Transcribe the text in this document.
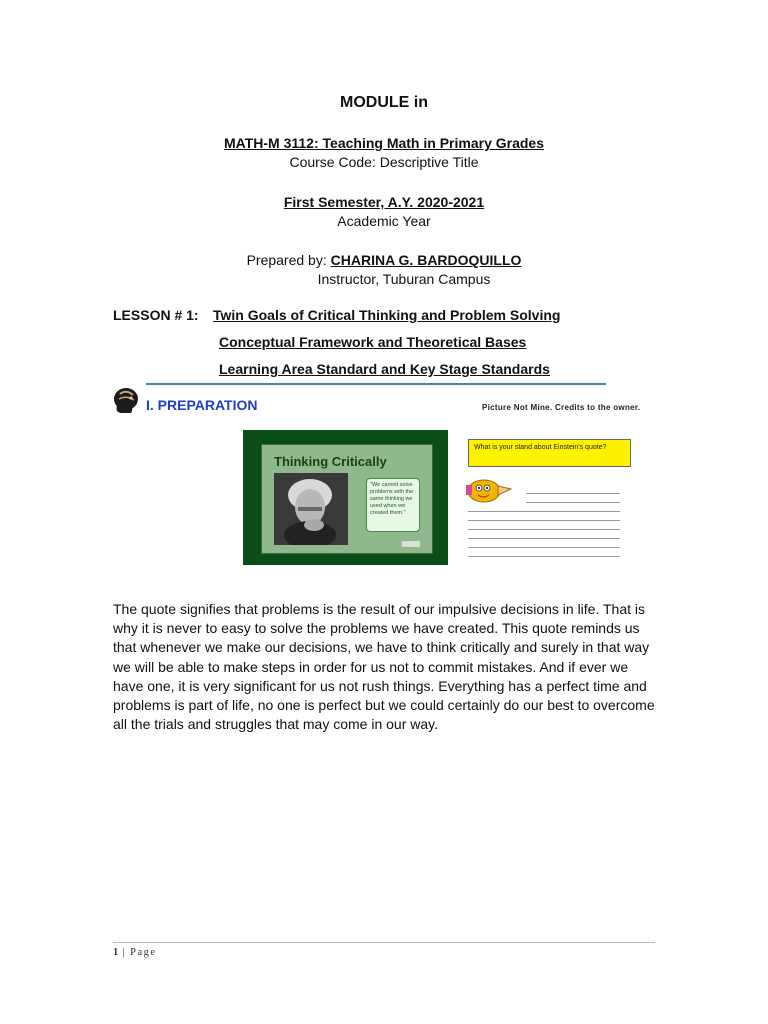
MODULE in
MATH-M 3112: Teaching Math in Primary Grades
Course Code: Descriptive Title
First Semester, A.Y. 2020-2021
Academic Year
Prepared by: CHARINA G. BARDOQUILLO
Instructor, Tuburan Campus
LESSON # 1: Twin Goals of Critical Thinking and Problem Solving
Conceptual Framework and Theoretical Bases
Learning Area Standard and Key Stage Standards
I. PREPARATION	Picture Not Mine. Credits to the owner.
Thinking Critically
"We cannot solve problems with the same thinking we used when we created them."
What is your stand about Einstein's quote?

The quote signifies that problems is the result of our impulsive decisions in life. That is why it is never to easy to solve the problems we have created. This quote reminds us that whenever we make our decisions, we have to think critically and surely in that way we will be able to make steps in order for us not to commit mistakes. And if ever we have one, it is very significant for us not rush things. Everything has a perfect time and problems is part of life, no one is perfect but we could certainly do our best to overcome all the trials and struggles that may come in our way.

1 | Page
